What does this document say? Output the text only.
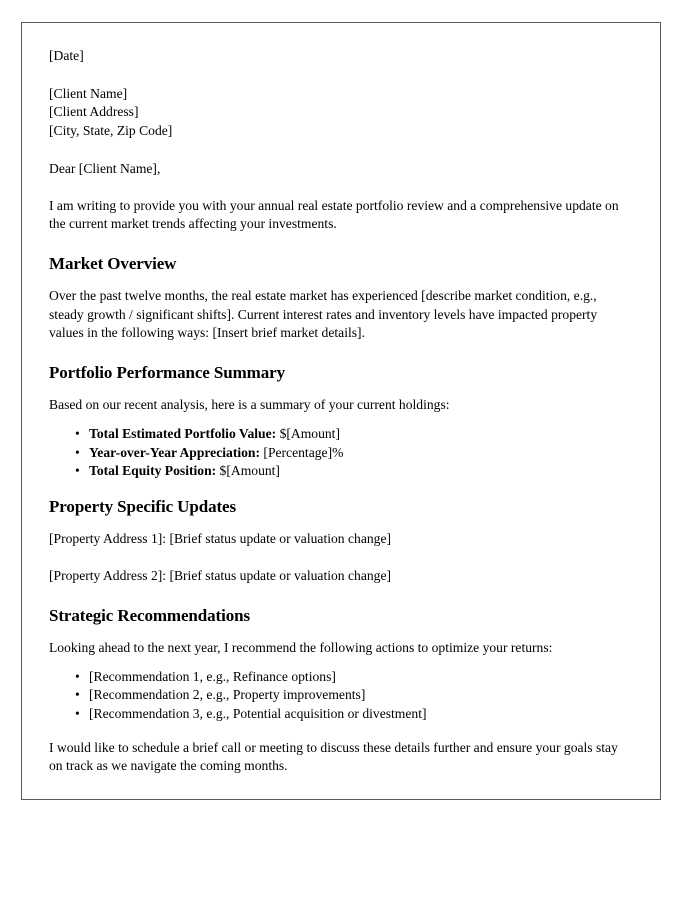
[Date]

[Client Name]
[Client Address]
[City, State, Zip Code]

Dear [Client Name],

I am writing to provide you with your annual real estate portfolio review and a comprehensive update on the current market trends affecting your investments.

Market Overview

Over the past twelve months, the real estate market has experienced [describe market condition, e.g., steady growth / significant shifts]. Current interest rates and inventory levels have impacted property values in the following ways: [Insert brief market details].

Portfolio Performance Summary

Based on our recent analysis, here is a summary of your current holdings:

• Total Estimated Portfolio Value: $[Amount]
• Year-over-Year Appreciation: [Percentage]%
• Total Equity Position: $[Amount]
Property Specific Updates

[Property Address 1]: [Brief status update or valuation change]

[Property Address 2]: [Brief status update or valuation change]

Strategic Recommendations

Looking ahead to the next year, I recommend the following actions to optimize your returns:

• [Recommendation 1, e.g., Refinance options]
• [Recommendation 2, e.g., Property improvements]
• [Recommendation 3, e.g., Potential acquisition or divestment]

I would like to schedule a brief call or meeting to discuss these details further and ensure your goals stay on track as we navigate the coming months.
